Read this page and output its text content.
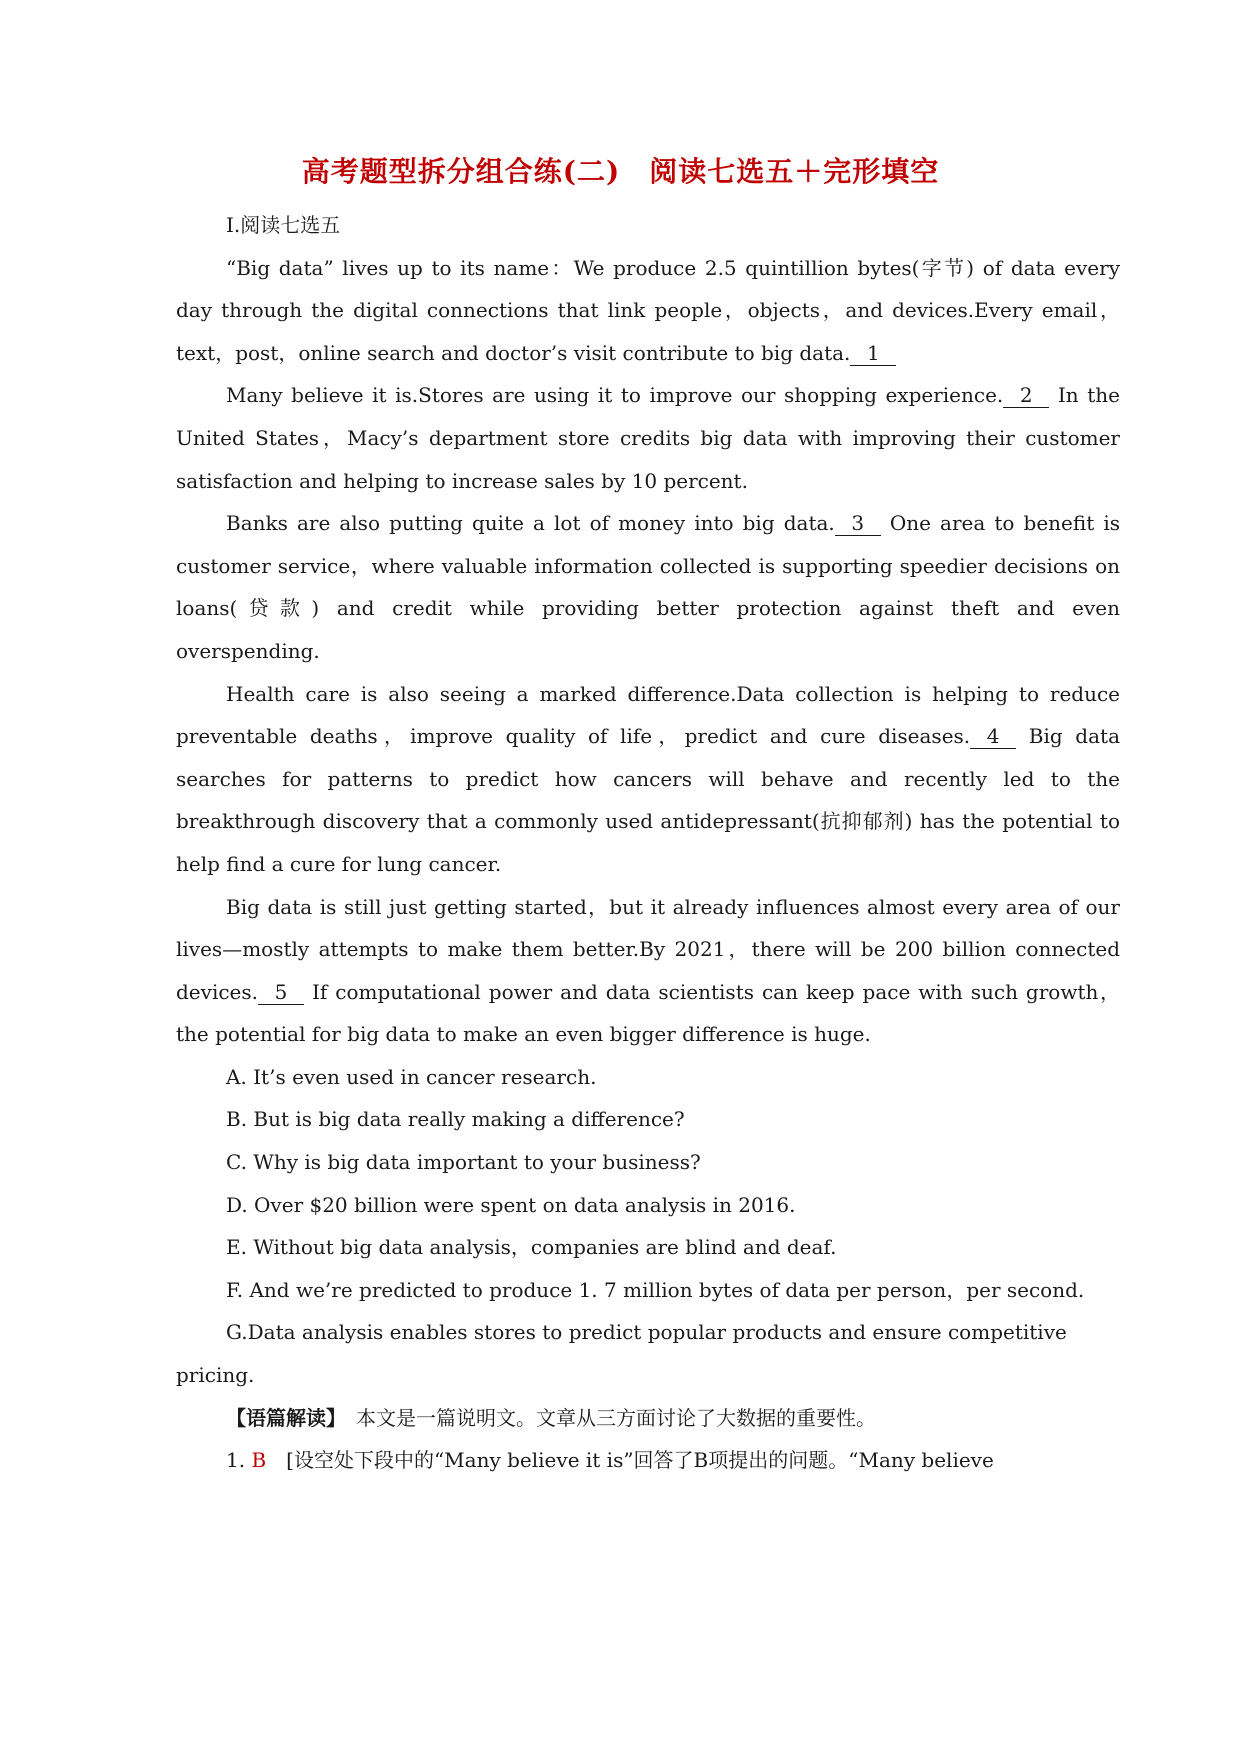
高考题型拆分组合练(二)　阅读七选五＋完形填空

Ⅰ.阅读七选五

“Big data” lives up to its name：We produce 2.5 quintillion bytes(字节) of data every day through the digital connections that link people，objects，and devices.Every email，text，post，online search and doctor’s visit contribute to big data. 1

Many believe it is.Stores are using it to improve our shopping experience. 2 In the United States，Macy’s department store credits big data with improving their customer satisfaction and helping to increase sales by 10 percent.

Banks are also putting quite a lot of money into big data. 3 One area to benefit is customer service，where valuable information collected is supporting speedier decisions on loans(贷款) and credit while providing better protection against theft and even overspending.

Health care is also seeing a marked difference.Data collection is helping to reduce preventable deaths，improve quality of life，predict and cure diseases. 4 Big data searches for patterns to predict how cancers will behave and recently led to the breakthrough discovery that a commonly used antidepressant(抗抑郁剂) has the potential to help find a cure for lung cancer.

Big data is still just getting started，but it already influences almost every area of our lives—mostly attempts to make them better.By 2021，there will be 200 billion connected devices. 5 If computational power and data scientists can keep pace with such growth，the potential for big data to make an even bigger difference is huge.

A. It’s even used in cancer research.

B. But is big data really making a difference?

C. Why is big data important to your business?

D. Over $20 billion were spent on data analysis in 2016.

E. Without big data analysis，companies are blind and deaf.

F. And we’re predicted to produce 1. 7 million bytes of data per person，per second.

G.Data analysis enables stores to predict popular products and ensure competitive pricing.

【语篇解读】　 本文是一篇说明文。文章从三方面讨论了大数据的重要性。

1. B　 [设空处下段中的“Many believe it is”回答了B项提出的问题。“Many believe
